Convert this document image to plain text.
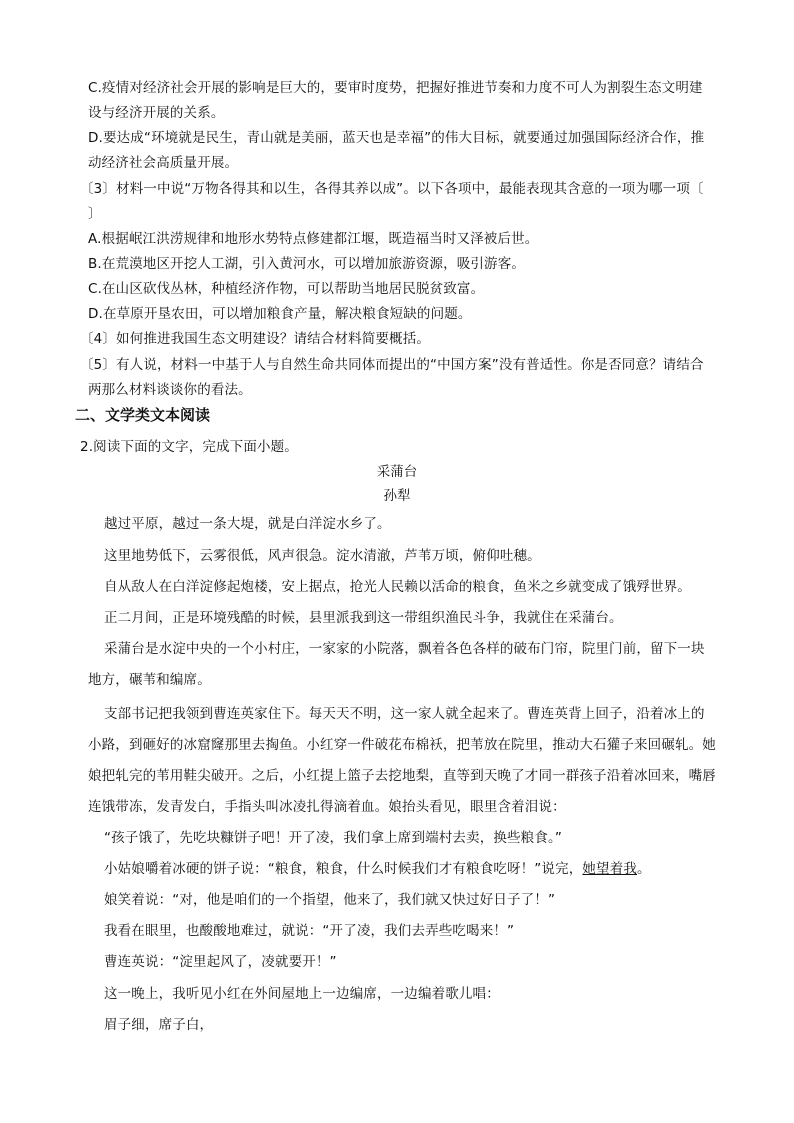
C.疫情对经济社会开展的影响是巨大的，要审时度势，把握好推进节奏和力度不可人为割裂生态文明建
设与经济开展的关系。
D.要达成“环境就是民生，青山就是美丽，蓝天也是幸福”的伟大目标，就要通过加强国际经济合作，推
动经济社会高质量开展。
〔3〕材料一中说“万物各得其和以生，各得其养以成”。以下各项中，最能表现其含意的一项为哪一项〔
〕
A.根据岷江洪涝规律和地形水势特点修建都江堰，既造福当时又泽被后世。
B.在荒漠地区开挖人工湖，引入黄河水，可以增加旅游资源，吸引游客。
C.在山区砍伐丛林，种植经济作物，可以帮助当地居民脱贫致富。
D.在草原开垦农田，可以增加粮食产量，解决粮食短缺的问题。
〔4〕如何推进我国生态文明建设？请结合材料简要概括。
〔5〕有人说，材料一中基于人与自然生命共同体而提出的“中国方案”没有普适性。你是否同意？请结合
两那么材料谈谈你的看法。
二、文学类文本阅读
2.阅读下面的文字，完成下面小题。
采蒲台
孙犁
越过平原，越过一条大堤，就是白洋淀水乡了。
这里地势低下，云雾很低，风声很急。淀水清澈，芦苇万顷，俯仰吐穗。
自从敌人在白洋淀修起炮楼，安上据点，抢光人民赖以活命的粮食，鱼米之乡就变成了饿殍世界。
正二月间，正是环境残酷的时候，县里派我到这一带组织渔民斗争，我就住在采蒲台。
采蒲台是水淀中央的一个小村庄，一家家的小院落，飘着各色各样的破布门帘，院里门前，留下一块
地方，碾苇和编席。
支部书记把我领到曹连英家住下。每天天不明，这一家人就全起来了。曹连英背上回子，沿着冰上的
小路，到砸好的冰窟窿那里去掏鱼。小红穿一件破花布棉袄，把苇放在院里，推动大石獾子来回碾轧。她
娘把轧完的苇用鞋尖破开。之后，小红提上篮子去挖地梨，直等到天晚了才同一群孩子沿着冰回来，嘴唇
连饿带冻，发青发白，手指头叫冰凌扎得滴着血。娘抬头看见，眼里含着泪说：
“孩子饿了，先吃块糠饼子吧！开了凌，我们拿上席到端村去卖，换些粮食。”
小姑娘嚼着冰硬的饼子说：“粮食，粮食，什么时候我们才有粮食吃呀！”说完，她望着我。
娘笑着说：“对，他是咱们的一个指望，他来了，我们就又快过好日子了！”
我看在眼里，也酸酸地难过，就说：“开了凌，我们去弄些吃喝来！”
曹连英说：“淀里起风了，凌就要开！”
这一晚上，我听见小红在外间屋地上一边编席，一边编着歌儿唱：
眉子细，席子白，
